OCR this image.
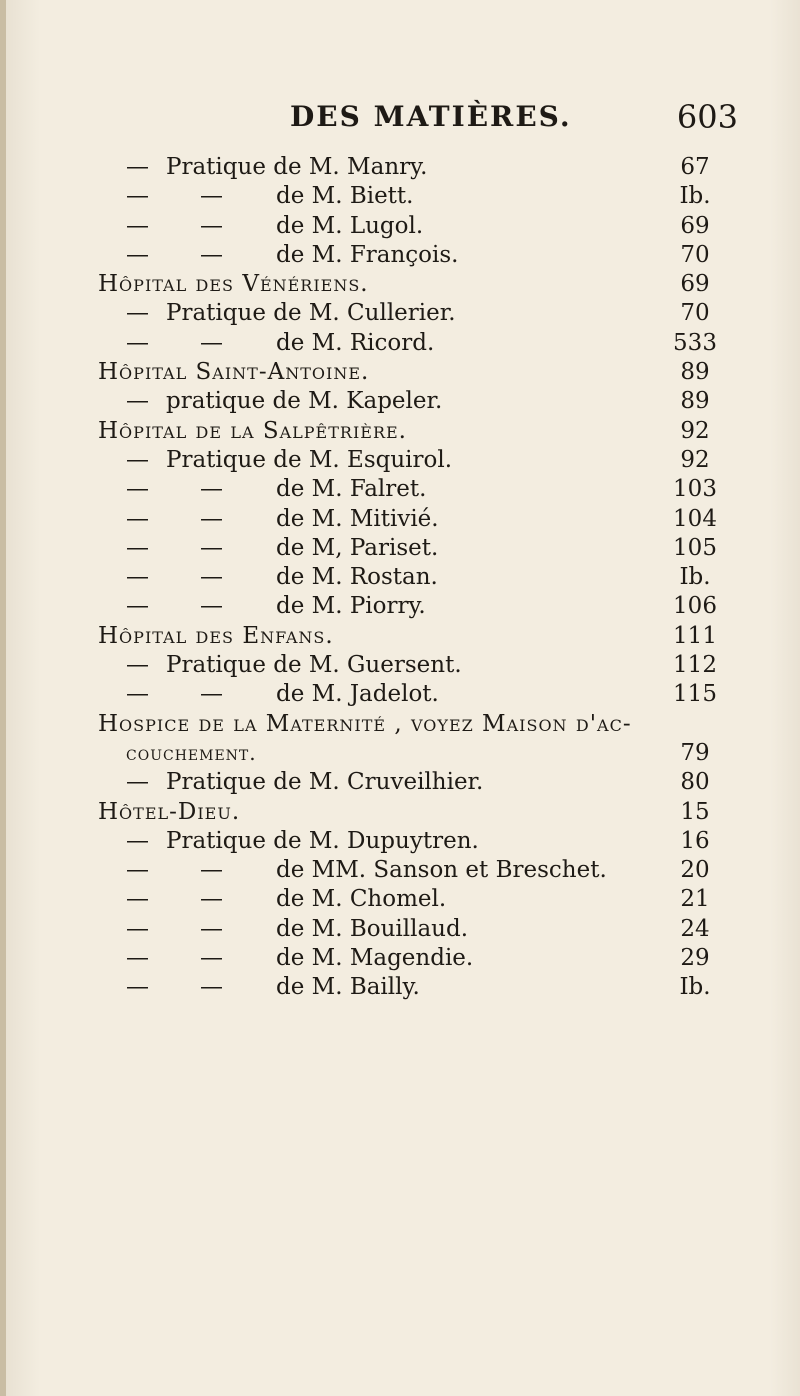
DES MATIÈRES.	603
— Pratique de M. Manry.	67
— — de M. Biett.	Ib.
— — de M. Lugol.	69
— — de M. François.	70
Hôpital des Vénériens.	69
— Pratique de M. Cullerier.	70
— — de M. Ricord.	533
Hôpital Saint-Antoine.	89
— pratique de M. Kapeler.	89
Hôpital de la Salpêtrière.	92
— Pratique de M. Esquirol.	92
— — de M. Falret.	103
— — de M. Mitivié.	104
— — de M, Pariset.	105
— — de M. Rostan.	Ib.
— — de M. Piorry.	106
Hôpital des Enfans.	111
— Pratique de M. Guersent.	112
— — de M. Jadelot.	115
Hospice de la Maternité , voyez Maison d'ac-
couchement.	79
— Pratique de M. Cruveilhier.	80
Hôtel-Dieu.	15
— Pratique de M. Dupuytren.	16
— — de MM. Sanson et Breschet.	20
— — de M. Chomel.	21
— — de M. Bouillaud.	24
— — de M. Magendie.	29
— — de M. Bailly.	Ib.
